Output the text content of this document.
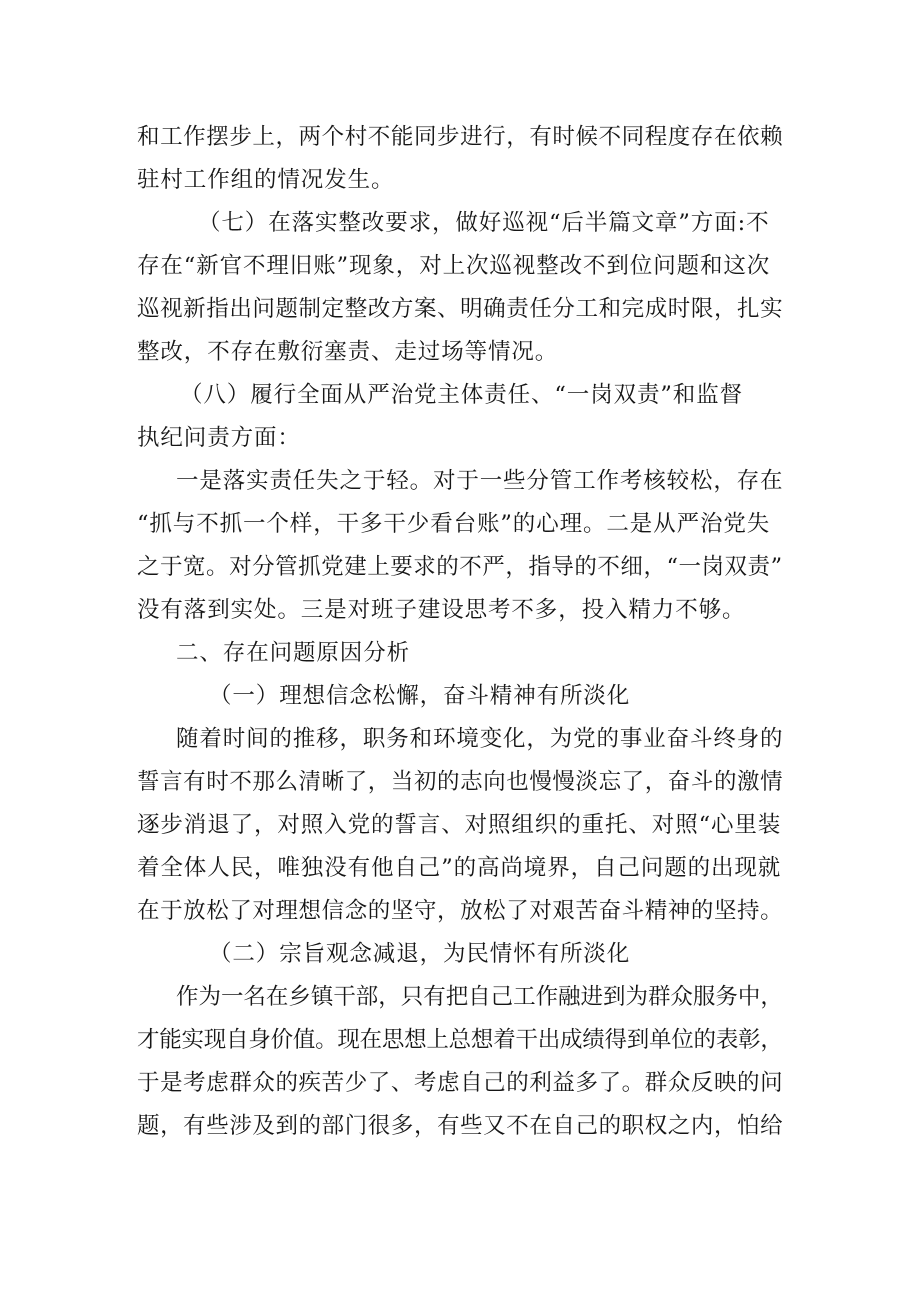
和工作摆步上，两个村不能同步进行，有时候不同程度存在依赖
驻村工作组的情况发生。
（七）在落实整改要求，做好巡视“后半篇文章”方面:不
存在“新官不理旧账”现象，对上次巡视整改不到位问题和这次
巡视新指出问题制定整改方案、明确责任分工和完成时限，扎实
整改，不存在敷衍塞责、走过场等情况。
（八）履行全面从严治党主体责任、“一岗双责”和监督
执纪问责方面：
一是落实责任失之于轻。对于一些分管工作考核较松，存在
“抓与不抓一个样，干多干少看台账”的心理。二是从严治党失
之于宽。对分管抓党建上要求的不严，指导的不细，“一岗双责”
没有落到实处。三是对班子建设思考不多，投入精力不够。
二、存在问题原因分析
（一）理想信念松懈，奋斗精神有所淡化
随着时间的推移，职务和环境变化，为党的事业奋斗终身的
誓言有时不那么清晰了，当初的志向也慢慢淡忘了，奋斗的激情
逐步消退了，对照入党的誓言、对照组织的重托、对照“心里装
着全体人民，唯独没有他自己”的高尚境界，自己问题的出现就
在于放松了对理想信念的坚守，放松了对艰苦奋斗精神的坚持。
（二）宗旨观念减退，为民情怀有所淡化
作为一名在乡镇干部，只有把自己工作融进到为群众服务中，
才能实现自身价值。现在思想上总想着干出成绩得到单位的表彰，
于是考虑群众的疾苦少了、考虑自己的利益多了。群众反映的问
题，有些涉及到的部门很多，有些又不在自己的职权之内，怕给
